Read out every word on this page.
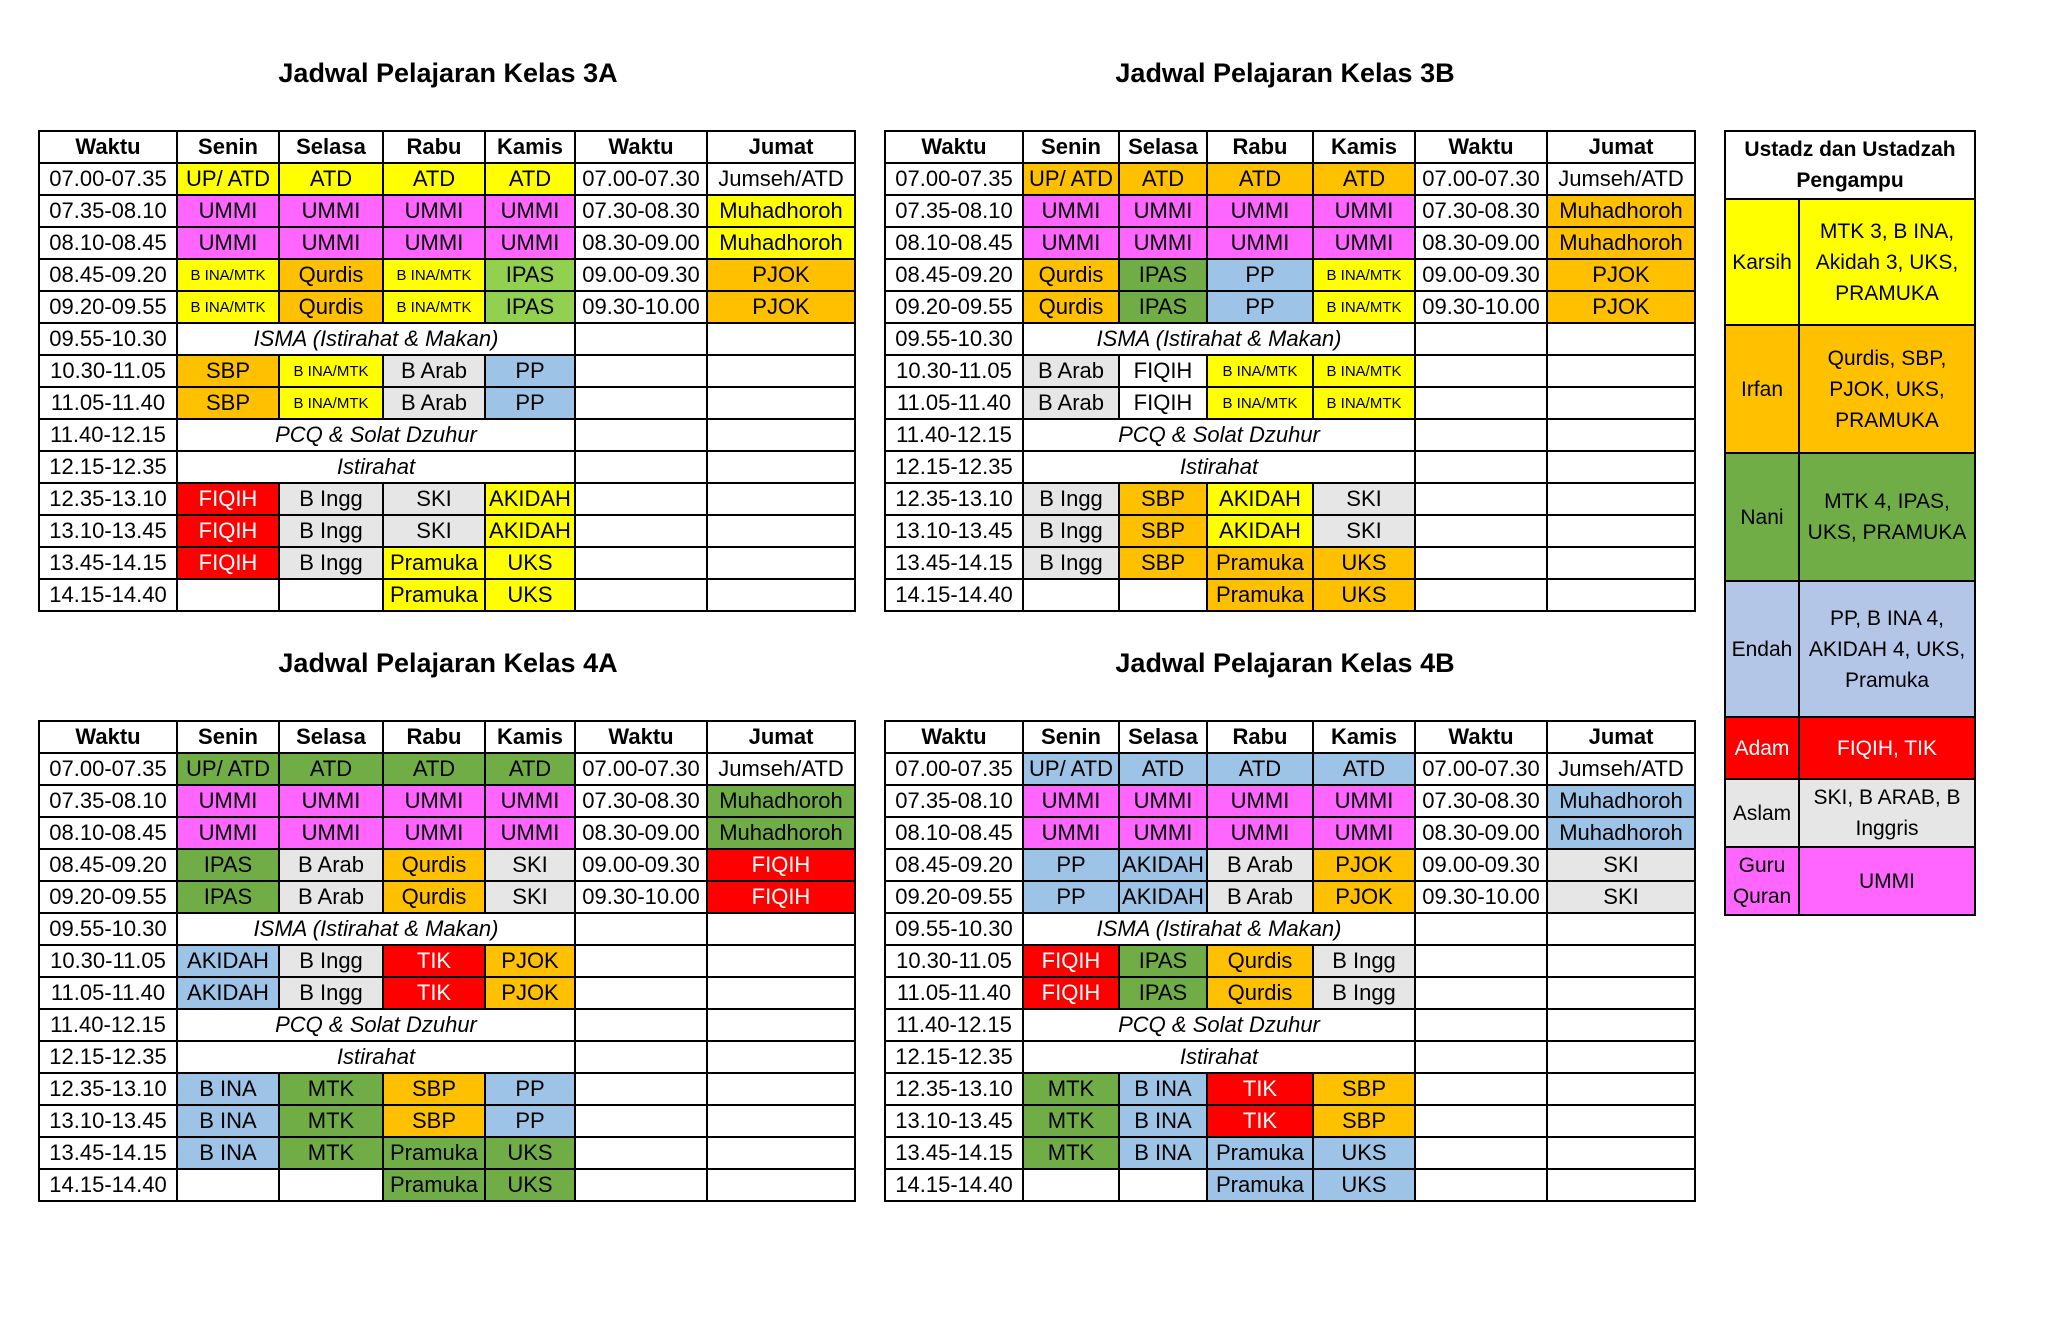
Jadwal Pelajaran Kelas 3A	Jadwal Pelajaran Kelas 3B
Jadwal Pelajaran Kelas 4A	Jadwal Pelajaran Kelas 4B
Waktu	Senin	Selasa	Rabu	Kamis	Waktu	Jumat
07.00-07.35	UP/ ATD	ATD	ATD	ATD	07.00-07.30	Jumseh/ATD
07.35-08.10	UMMI	UMMI	UMMI	UMMI	07.30-08.30	Muhadhoroh
08.10-08.45	UMMI	UMMI	UMMI	UMMI	08.30-09.00	Muhadhoroh
08.45-09.20	B INA/MTK	Qurdis	B INA/MTK	IPAS	09.00-09.30	PJOK
09.20-09.55	B INA/MTK	Qurdis	B INA/MTK	IPAS	09.30-10.00	PJOK
09.55-10.30	ISMA (Istirahat & Makan)					
10.30-11.05	SBP	B INA/MTK	B Arab	PP		
11.05-11.40	SBP	B INA/MTK	B Arab	PP		
11.40-12.15	PCQ & Solat Dzuhur					
12.15-12.35	Istirahat					
12.35-13.10	FIQIH	B Ingg	SKI	AKIDAH		
13.10-13.45	FIQIH	B Ingg	SKI	AKIDAH		
13.45-14.15	FIQIH	B Ingg	Pramuka	UKS		
14.15-14.40			Pramuka	UKS		
Waktu	Senin	Selasa	Rabu	Kamis	Waktu	Jumat
07.00-07.35	UP/ ATD	ATD	ATD	ATD	07.00-07.30	Jumseh/ATD
07.35-08.10	UMMI	UMMI	UMMI	UMMI	07.30-08.30	Muhadhoroh
08.10-08.45	UMMI	UMMI	UMMI	UMMI	08.30-09.00	Muhadhoroh
08.45-09.20	Qurdis	IPAS	PP	B INA/MTK	09.00-09.30	PJOK
09.20-09.55	Qurdis	IPAS	PP	B INA/MTK	09.30-10.00	PJOK
09.55-10.30	ISMA (Istirahat & Makan)					
10.30-11.05	B Arab	FIQIH	B INA/MTK	B INA/MTK		
11.05-11.40	B Arab	FIQIH	B INA/MTK	B INA/MTK		
11.40-12.15	PCQ & Solat Dzuhur					
12.15-12.35	Istirahat					
12.35-13.10	B Ingg	SBP	AKIDAH	SKI		
13.10-13.45	B Ingg	SBP	AKIDAH	SKI		
13.45-14.15	B Ingg	SBP	Pramuka	UKS		
14.15-14.40			Pramuka	UKS		
Waktu	Senin	Selasa	Rabu	Kamis	Waktu	Jumat
07.00-07.35	UP/ ATD	ATD	ATD	ATD	07.00-07.30	Jumseh/ATD
07.35-08.10	UMMI	UMMI	UMMI	UMMI	07.30-08.30	Muhadhoroh
08.10-08.45	UMMI	UMMI	UMMI	UMMI	08.30-09.00	Muhadhoroh
08.45-09.20	IPAS	B Arab	Qurdis	SKI	09.00-09.30	FIQIH
09.20-09.55	IPAS	B Arab	Qurdis	SKI	09.30-10.00	FIQIH
09.55-10.30	ISMA (Istirahat & Makan)					
10.30-11.05	AKIDAH	B Ingg	TIK	PJOK		
11.05-11.40	AKIDAH	B Ingg	TIK	PJOK		
11.40-12.15	PCQ & Solat Dzuhur					
12.15-12.35	Istirahat					
12.35-13.10	B INA	MTK	SBP	PP		
13.10-13.45	B INA	MTK	SBP	PP		
13.45-14.15	B INA	MTK	Pramuka	UKS		
14.15-14.40			Pramuka	UKS		
Waktu	Senin	Selasa	Rabu	Kamis	Waktu	Jumat
07.00-07.35	UP/ ATD	ATD	ATD	ATD	07.00-07.30	Jumseh/ATD
07.35-08.10	UMMI	UMMI	UMMI	UMMI	07.30-08.30	Muhadhoroh
08.10-08.45	UMMI	UMMI	UMMI	UMMI	08.30-09.00	Muhadhoroh
08.45-09.20	PP	AKIDAH	B Arab	PJOK	09.00-09.30	SKI
09.20-09.55	PP	AKIDAH	B Arab	PJOK	09.30-10.00	SKI
09.55-10.30	ISMA (Istirahat & Makan)					
10.30-11.05	FIQIH	IPAS	Qurdis	B Ingg		
11.05-11.40	FIQIH	IPAS	Qurdis	B Ingg		
11.40-12.15	PCQ & Solat Dzuhur					
12.15-12.35	Istirahat					
12.35-13.10	MTK	B INA	TIK	SBP		
13.10-13.45	MTK	B INA	TIK	SBP		
13.45-14.15	MTK	B INA	Pramuka	UKS		
14.15-14.40			Pramuka	UKS		
Ustadz dan Ustadzah Pengampu	
Karsih	MTK 3, B INA, Akidah 3, UKS, PRAMUKA
Irfan	Qurdis, SBP, PJOK, UKS, PRAMUKA
Nani	MTK 4, IPAS, UKS, PRAMUKA
Endah	PP, B INA 4, AKIDAH 4, UKS, Pramuka
Adam	FIQIH, TIK
Aslam	SKI, B ARAB, B Inggris
Guru Quran	UMMI
